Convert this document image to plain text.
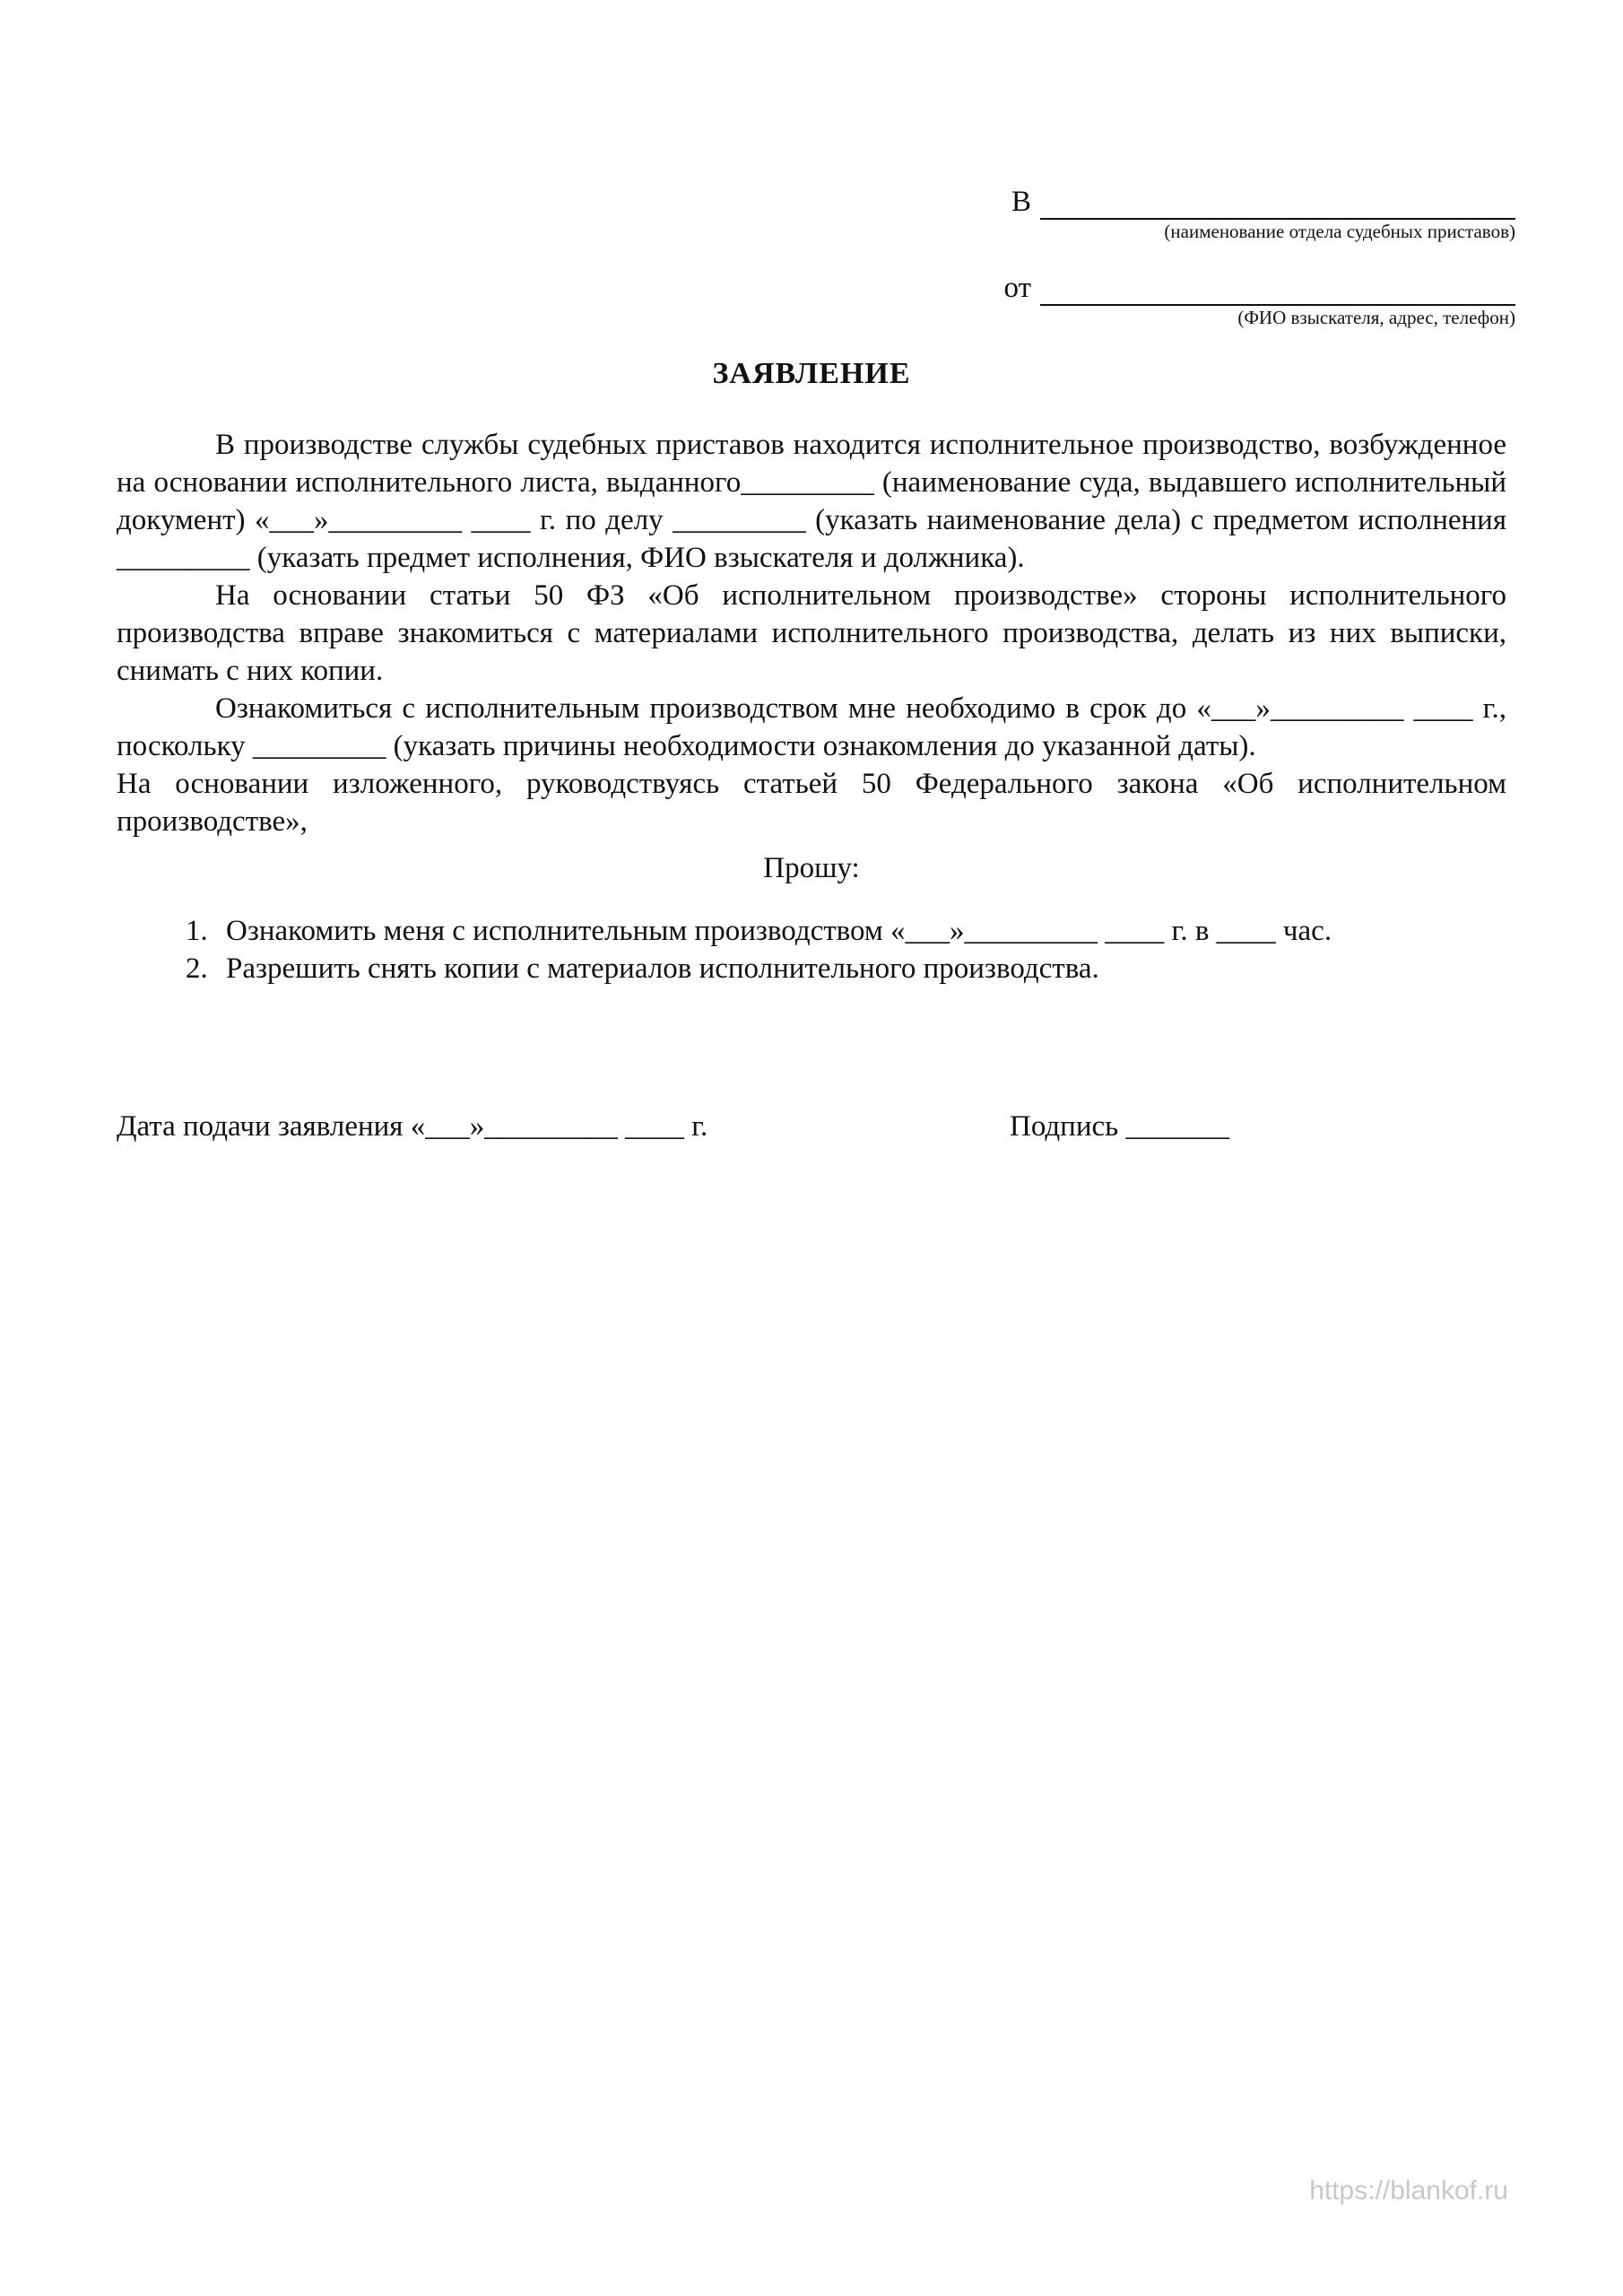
В
(наименование отдела судебных приставов)
от
(ФИО взыскателя, адрес, телефон)
ЗАЯВЛЕНИЕ

В производстве службы судебных приставов находится исполнительное производство, возбужденное на основании исполнительного листа, выданного_________ (наименование суда, выдавшего исполнительный документ) «___»_________ ____ г. по делу _________ (указать наименование дела) с предметом исполнения _________ (указать предмет исполнения, ФИО взыскателя и должника).

На основании статьи 50 ФЗ «Об исполнительном производстве» стороны исполнительного производства вправе знакомиться с материалами исполнительного производства, делать из них выписки, снимать с них копии.

Ознакомиться с исполнительным производством мне необходимо в срок до «___»_________ ____ г., поскольку _________ (указать причины необходимости ознакомления до указанной даты).

На основании изложенного, руководствуясь статьей 50 Федерального закона «Об исполнительном производстве»,

Прошу:
1. Ознакомить меня с исполнительным производством «___»_________ ____ г. в ____ час.
2. Разрешить снять копии с материалов исполнительного производства.
Дата подачи заявления «___»_________ ____ г.	Подпись _______
https://blankof.ru
